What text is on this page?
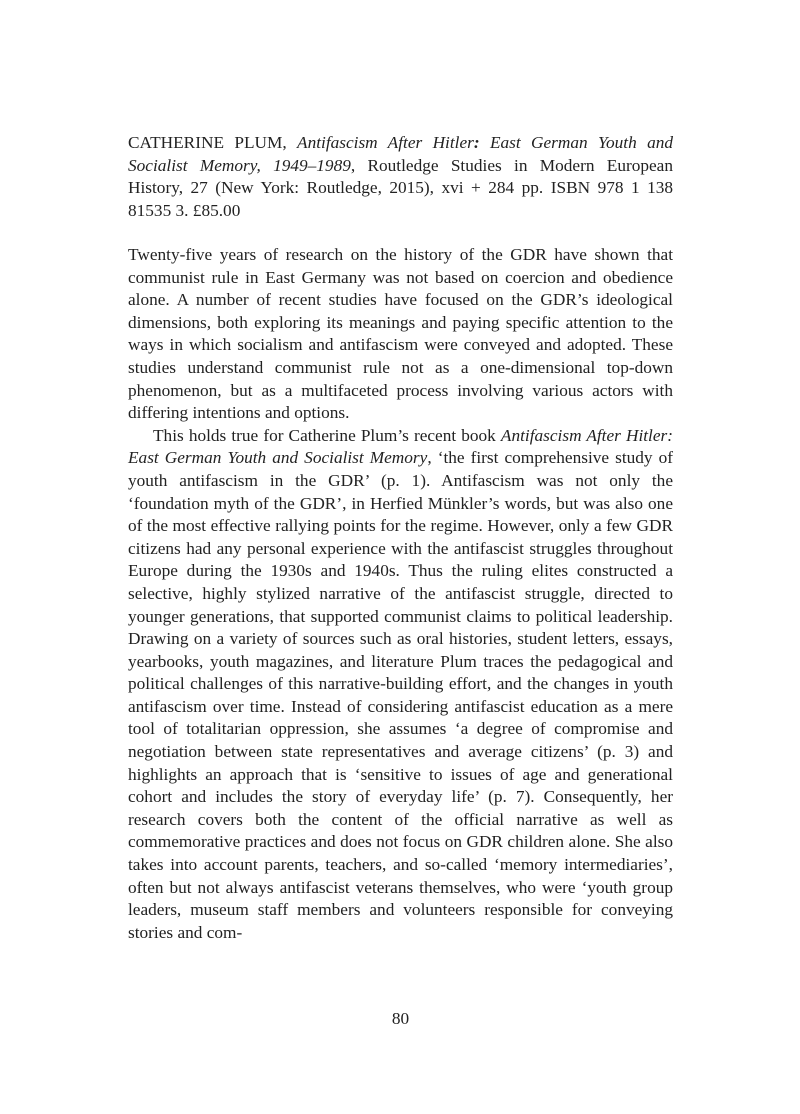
CATHERINE PLUM, Antifascism After Hitler: East German Youth and Socialist Memory, 1949–1989, Routledge Studies in Modern European History, 27 (New York: Routledge, 2015), xvi + 284 pp. ISBN 978 1 138 81535 3. £85.00

Twenty-five years of research on the history of the GDR have shown that communist rule in East Germany was not based on coercion and obedience alone. A number of recent studies have focused on the GDR’s ideological dimensions, both exploring its meanings and paying specific attention to the ways in which socialism and antifascism were conveyed and adopted. These studies understand communist rule not as a one-dimensional top-down phenomenon, but as a multifaceted process involving various actors with differing intentions and options.

This holds true for Catherine Plum’s recent book Antifascism After Hitler: East German Youth and Socialist Memory, ‘the first comprehensive study of youth antifascism in the GDR’ (p. 1). Antifascism was not only the ‘foundation myth of the GDR’, in Herfied Münkler’s words, but was also one of the most effective rallying points for the regime. However, only a few GDR citizens had any personal experience with the antifascist struggles throughout Europe during the 1930s and 1940s. Thus the ruling elites constructed a selective, highly stylized narrative of the antifascist struggle, directed to younger generations, that supported communist claims to political leadership. Drawing on a variety of sources such as oral histories, student letters, essays, yearbooks, youth magazines, and literature Plum traces the pedagogical and political challenges of this narrative-building effort, and the changes in youth antifascism over time. Instead of considering antifascist education as a mere tool of totalitarian oppression, she assumes ‘a degree of compromise and negotiation between state representatives and average citizens’ (p. 3) and highlights an approach that is ‘sensitive to issues of age and generational cohort and includes the story of everyday life’ (p. 7). Consequently, her research covers both the content of the official narrative as well as commemorative practices and does not focus on GDR children alone. She also takes into account parents, teachers, and so-called ‘memory intermediaries’, often but not always antifascist veterans themselves, who were ‘youth group leaders, museum staff members and volunteers responsible for conveying stories and com-

80
